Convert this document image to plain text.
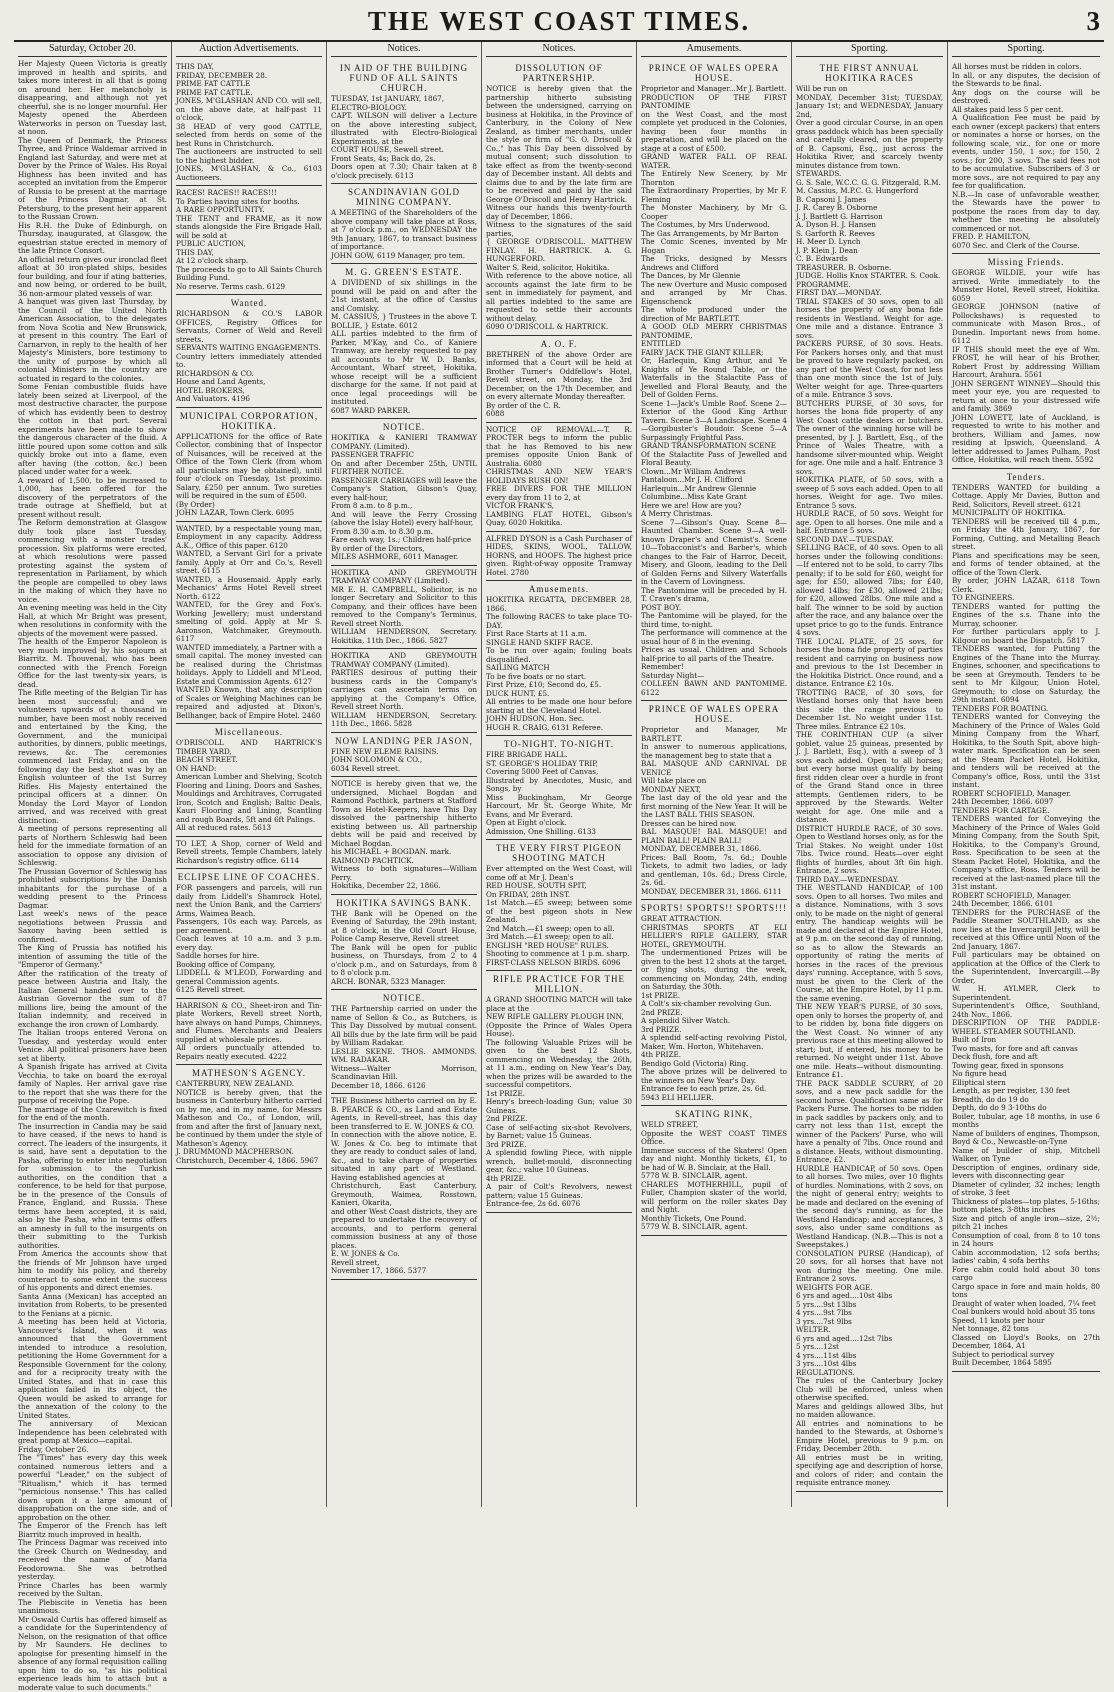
THE WEST COAST TIMES.	3
Saturday, October 20.
Her Majesty Queen Victoria is greatly improved in health and spirits, and takes more interest in all that is going on around her. Her melancholy is disappearing, and although not yet cheerful, she is no longer mournful. Her Majesty opened the Aberdeen Waterworks in person on Tuesday last, at noon.
The Queen of Denmark, the Princess Thyree, and Prince Waldemar arrived in England last Saturday, and were met at Dover by the Prince of Wales. His Royal Highness has been invited and has accepted an invitation from the Emperor of Russia to be present at the marriage of the Princess Dagmar, at St. Petersburg, to the present heir apparent to the Russian Crown.
His R.H. the Duke of Edinburgh, on Thursday, inaugurated, at Glasgow, the equestrian statue erected in memory of the late Prince Consort.
An official return gives our ironclad fleet afloat at 30 iron-plated ships, besides four building, and four if ating batteries, and now being, or ordered to be built, 36 non-armour plated vessels of war.
A banquet was given last Thursday, by the Council of the United North American Association, to the delegates from Nova Scotia and New Brunswick, at present in this country. The Earl of Carnarvon, in reply to the health of her Majesty's Ministers, bore testimony to the unity of purpose by which all colonial Ministers in the country are actuated in regard to the colonies.
Some Fenian combustible fluids have lately been seized at Liverpool, of the most destructive character, the purpose of which has evidently been to destroy the cotton in that port. Several experiments have been made to show the dangerous character of the fluid. A little poured upon some cotton and silk quickly broke out into a flame, even after having (the cotton, &c.) been placed under water for a week.
A reward of 1,500, to be increased to 1,000, has been offered for the discovery of the perpetrators of the trade outrage at Sheffield, but at present without result.
The Reform demonstration at Glasgow duly took place last Tuesday, commencing with a monster trades' procession. Six platforms were erected, at which resolutions were passed protesting against the system of representation in Parliament, by which the people are compelled to obey laws in the making of which they have no voice.
An evening meeting was held in the City Hall, at which Mr Bright was present, when resolutions in conformity with the objects of the movement were passed.
The health of the Emperor Napoleon is very much improved by his sojourn at Biarritz. M. Thouvenal, who has been connected with the French Foreign Office for the last twenty-six years, is dead.
The Rifle meeting of the Belgian Tir has been most successful; and we volunteers upwards of a thousand in number, have been most nobly received and entertained by the King, the Government, and the municipal authorities, by dinners, public meetings, reviews, &c. The ceremonies commenced last Friday, and on the following day the best shot was by an English volunteer of the 1st Surrey Rifles. His Majesty entertained the principal officers at a dinner. On Monday the Lord Mayor of London arrived, and was received with great distinction.
A meeting of persons representing all parts of Northern Schleswig had been held for the immediate formation of an association to oppose any division of Schleswig.
The Prussian Governor of Schleswig has prohibited subscriptions by the Danish inhabitants for the purchase of a wedding present to the Princess Dagmar.
Last week's news of the peace negotiations between Prussia and Saxony having been settled is confirmed.
The King of Prussia has notified his intention of assuming the title of the "Emperor of Germany."
After the ratification of the treaty of peace between Austria and Italy, the Italian General handed over to the Austrian Governor the sum of 87 millions lire, being the amount of the Italian indemnity, and received in exchange the iron crown of Lombardy.
The Italian troops entered Verona on Tuesday, and yesterday would enter Venice. All political prisoners have been set at liberty.
A Spanish frigate has arrived at Civita Vecchia, to take on board the ex-royal family of Naples. Her arrival gave rise to the report that she was there for the purpose of receiving the Pope.
The marriage of the Czarewitch is fixed for the end of the month.
The insurrection in Candia may be said to have ceased, if the news to hand is correct. The leaders of the insurgents, it is said, have sent a deputation to the Pasha, offering to enter into negotiation for submission to the Turkish authorities, on the condition that a conference, to be held for that purpose, be in the presence of the Consuls of France, England, and Russia. These terms have been accepted, it is said, also by the Pasha, who in terms offers an amnesty in full to the insurgents on their submitting to the Turkish authorities.
From America the accounts show that the friends of Mr Johnson have urged him to modify his policy, and thereby counteract to some extent the success of his opponents and direct enemies.
Santa Anna (Mexican) has accepted an invitation from Roberts, to be presented to the Fenians at a picnic.
A meeting has been held at Victoria, Vancouver's Island, when it was announced that the Government intended to introduce a resolution, petitioning the Home Government for a Responsible Government for the colony, and for a reciprocity treaty with the United States, and that in case this application failed in its object, the Queen would be asked to arrange for the annexation of the colony to the United States.
The anniversary of Mexican Independence has been celebrated with great pomp at Mexico—capital.
Friday, October 26.
The "Times" has every day this week contained numerous letters and a powerful "Leader," on the subject of "Ritualism," which it has termed "pernicious nonsense." This has called down upon it a large amount of disapprobation on the one side, and of approbation on the other.
The Emperor of the French has left Biarritz much improved in health.
The Princess Dagmar was received into the Greek Church on Wednesday, and received the name of Maria Feodorowna. She was betrothed yesterday.
Prince Charles has been warmly received by the Sultan.
The Plebiscite in Venetia has been unanimous.
Mr Oswald Curtis has offered himself as a candidate for the Superintendency of Nelson, on the resignation of that office by Mr Saunders. He declines to apologise for presenting himself in the absence of any formal requisition calling upon him to do so, "as his political experience leads him to attach but a moderate value to such documents."
Auction Advertisements.
THIS DAY,
FRIDAY, DECEMBER 28.
PRIME FAT CATTLE
PRIME FAT CATTLE.
JONES, M'GLASHAN AND CO. will sell, on the above date, at half-past 11 o'clock,
38 HEAD of very good CATTLE, selected from herds on some of the best Runs in Christchurch.
The auctioneers are instructed to sell to the highest bidder.
JONES, M'GLASHAN, & Co., 6103 Auctioneers.
RACES! RACES!! RACES!!!
To Parties having sites for booths.
A RARE OPPORTUNITY.
THE TENT and FRAME, as it now stands alongside the Fire Brigade Hall, will be sold at
PUBLIC AUCTION,
THIS DAY,
At 12 o'clock sharp.
The proceeds to go to All Saints Church Building Fund.
No reserve. Terms cash. 6129
Wanted.
RICHARDSON & CO.'S LABOR OFFICES, Registry Offices for Servants, Corner of Weld and Revell streets.
SERVANTS WAITING ENGAGEMENTS.
Country letters immediately attended to.
RICHARDSON & CO.
House and Land Agents,
HOTEL BROKERS,
And Valuators. 4196
MUNICIPAL CORPORATION, HOKITIKA.
APPLICATIONS for the office of Rate Collector, combining that of Inspector of Nuisances, will be received at the Office of the Town Clerk (from whom all particulars may be obtained), until four o'clock on Tuesday, 1st proximo. Salary, £250 per annum. Two sureties will be required in the sum of £500.
(By Order)
JOHN LAZAR, Town Clerk. 6095
WANTED, by a respectable young man, Employment in any capacity. Address A.K., Office of this paper. 6120
WANTED, a Servant Girl for a private family. Apply at Orr and Co.'s, Revell street. 6115
WANTED, a Housemaid. Apply early. Mechanics' Arms Hotel Revell street North. 6122
WANTED, for the Grey and Fox's. Working Jewellery; must understand smelting of gold. Apply at Mr S. Aaronson, Watchmaker, Greymouth. 6117
WANTED immediately, a Partner with a small capital. The money invested can be realised during the Christmas holidays. Apply to Liddell and M'Leod, Estate and Commission Agents. 6127
WANTED Known, that any description of Scales or Weighing Machines can be repaired and adjusted at Dixon's, Bellhanger, back of Empire Hotel. 2460
Miscellaneous.
O'DRISCOLL AND HARTRICK'S TIMBER YARD,
BEACH STREET.
ON HAND:
American Lumber and Shelving, Scotch Flooring and Lining, Doors and Sashes, Mouldings and Architraves, Corrugated Iron, Scotch and English; Baltic Deals, Kauri Flooring and Lining, Scantling and rough Boards, 5ft and 6ft Palings.
All at reduced rates. 5613
TO LET, A Shop, corner of Weld and Revell streets, Temple Chambers, lately Richardson's registry office. 6114
ECLIPSE LINE OF COACHES.
FOR passengers and parcels, will run daily from Liddell's Shamrock Hotel, next the Union Bank, and the Carriers' Arms, Waimea Beach.
Passengers, 10s each way. Parcels, as per agreement.
Coach leaves at 10 a.m. and 3 p.m. every day.
Saddle horses for hire.
Booking office of Company,
LIDDELL & M'LEOD, Forwarding and general Commission agents.
6125 Revell street.
HARRISON & CO., Sheet-iron and Tin-plate Workers, Revell street North, have always on hand Pumps, Chimneys, and Flumes. Merchants and Dealers supplied at wholesale prices.
All orders punctually attended to. Repairs neatly executed. 4222
MATHESON'S AGENCY.
CANTERBURY, NEW ZEALAND.
NOTICE is hereby given, that the business in Canterbury hitherto carried on by me, and in my name, for Messrs Matheson and Co., of London, will, from and after the first of January next, be continued by them under the style of Matheson's Agency.
J. DRUMMOND MACPHERSON.
Christchurch, December 4, 1866. 5967
Notices.
IN AID OF THE BUILDING FUND OF ALL SAINTS CHURCH.
TUESDAY, 1st JANUARY, 1867,
ELECTRO-BIOLOGY.
CAPT. WILSON will deliver a Lecture on the above interesting subject, illustrated with Electro-Biological Experiments, at the
COURT HOUSE, Sewell street.
Front Seats, 4s; Back do, 2s.
Doors open at 7.30; Chair taken at 8 o'clock precisely. 6113
SCANDINAVIAN GOLD MINING COMPANY.
A MEETING of the Shareholders of the above company will take place at Ross, at 7 o'clock p.m., on WEDNESDAY the 9th January, 1867, to transact business of importance.
JOHN GOW, 6119 Manager, pro tem.
M. G. GREEN'S ESTATE.
A DIVIDEND of six shillings in the pound will be paid on and after the 21st instant, at the office of Cassius and Comisky.
M. CASSIUS, } Trustees in the above T. BOLLIE, } Estate. 6012
ALL parties indebted to the firm of Parker, M'Kay, and Co., of Kaniere Tramway, are hereby requested to pay all accounts to Mr W. D. Banks, Accountant, Wharf street, Hokitika, whose receipt will be a sufficient discharge for the same. If not paid at once legal proceedings will be instituted.
6087 WARD PARKER.
NOTICE.
HOKITIKA & KANIERI TRAMWAY COMPANY. (Limited).
PASSENGER TRAFFIC
On and after December 25th, UNTIL FURTHER NOTICE.
PASSENGER CARRIAGES will leave the Company's Station, Gibson's Quay, every half-hour,
From 8 a.m. to 8 p.m.,
And will leave the Ferry Crossing (above the Islay Hotel) every half-hour,
From 8.30 a.m. to 8.30 p.m.
Fare each way, 1s.; Children half-price
By order of the Directors,
MILES ASHMORE, 6011 Manager.
HOKITIKA AND GREYMOUTH TRAMWAY COMPANY (Limited).
MR E. H. CAMPBELL, Solicitor, is no longer Secretary and Solicitor to this Company, and their offices have been removed to the Company's Terminus, Revell street North.
WILLIAM HENDERSON, Secretary. Hokitika, 11th Dec., 1866. 5827
HOKITIKA AND GREYMOUTH TRAMWAY COMPANY (Limited).
PARTIES desirous of putting their business cards in the Company's carriages can ascertain terms on applying at the Company's Office, Revell street North.
WILLIAM HENDERSON, Secretary. 11th Dec., 1866. 5828
NOW LANDING PER JASON,
FINE NEW ELEME RAISINS.
JOHN SOLOMON & CO.,
6034 Revell street.
NOTICE is hereby given that we, the undersigned, Michael Bogdan and Raimond Pacthick, partners at Stafford Town as Hotel-Keepers, have This Day dissolved the partnership hitherto existing between us. All partnership debts will be paid and received by Michael Bogdan.
his MICHAEL + BOGDAN. mark.
RAIMOND PACHTICK.
Witness to both signatures—William Perry.
Hokitika, December 22, 1866.
HOKITIKA SAVINGS BANK.
THE Bank will be Opened on the Evening of Saturday, the 29th instant, at 8 o'clock, in the Old Court House, Police Camp Reserve, Revell street
The Bank will be open for public business, on Thursdays, from 2 to 4 o'clock p.m., and on Saturdays, from 8 to 8 o'clock p.m.
ARCH. BONAR, 5323 Manager.
NOTICE.
THE Partnership carried on under the name of Sellon & Co., as Butchers, is This Day Dissolved by mutual consent. All bills due by the late firm will be paid by William Radakar.
LESLIE SKENE. THOS. AMMONDS. WM. RADAKAR.
Witness—Walter Morrison, Scandinavian Hill.
December 18, 1866. 6126
THE Business hitherto carried on by E. B. PEARCE & CO., as Land and Estate Agents, in Revell-street, has this day been transferred to E. W. JONES & CO.
In connection with the above notice, E. W. Jones & Co. beg to intimate that they are ready to conduct sales of land, &c., and to take charge of properties situated in any part of Westland. Having established agencies at
Christchurch, East Canterbury, Greymouth, Waimea, Rosstown, Kanieri, Okarita,
and other West Coast districts, they are prepared to undertake the recovery of accounts, and to perform general commission business at any of those places.
E. W. JONES & Co.
Revell street,
November 17, 1866. 5377
Notices.
DISSOLUTION OF PARTNERSHIP.
NOTICE is hereby given that the partnership hitherto subsisting between the undersigned, carrying on business at Hokitika, in the Province of Canterbury, in the Colony of New Zealand, as timber merchants, under the style or firm of "G. O. Driscoll & Co.," has This Day been dissolved by mutual consent; such dissolution to take effect as from the twenty-second day of December instant. All debts and claims due to and by the late firm are to be received and paid by the said George O'Driscoll and Henry Hartrick.
Witness our hands this twenty-fourth day of December, 1866.
Witness to the signatures of the said parties,
{ GEORGE O'DRISCOLL. MATTHEW FINLAY. H. HARTRICK. A. G. HUNGERFORD.
Walter S. Reid, solicitor, Hokitika.
With reference to the above notice, all accounts against the late firm to be sent in immediately for payment, and all parties indebted to the same are requested to settle their accounts without delay.
6090 O'DRISCOLL & HARTRICK.
A. O. F.
BRETHREN of the above Order are informed that a Court will be held at Brother Turner's Oddfellow's Hotel, Revell street, on Monday, the 3rd December, on the 17th December, and on every alternate Monday thereafter.
By order of the C. R.
6088
NOTICE OF REMOVAL.—T. R. PROCTER begs to inform the public that he has Removed to his new premises opposite Union Bank of Australia. 6080
CHRISTMAS AND NEW YEAR'S HOLIDAYS RUSH ON!
FREE DIVERS FOR THE MILLION every day from 11 to 2, at
VICTOR FRANK'S,
LAMBING FLAT HOTEL, Gibson's Quay, 6020 Hokitika.
ALFRED DYSON is a Cash Purchaser of HIDES, SKINS, WOOL, TALLOW, HORNS, and HOOFS. The highest price given. Right-of-way opposite Tramway Hotel. 2780
Amusements.
HOKITIKA REGATTA, DECEMBER 28, 1866.
The following RACES to take place TO-DAY.
First Race Starts at 11 a.m.
SINGLE HAND SKIFF RACE.
To be run over again; fouling boats disqualified.
SAILING MATCH
To be five boats or no start.
First Prize, £10; Second do, £5.
DUCK HUNT, £5.
All entries to be made one hour before starting at the Cleveland Hotel.
JOHN HUDSON, Hon. Sec.
HUGH R. CRAIG, 6131 Referee.
TO-NIGHT. TO-NIGHT.
FIRE BRIGADE HALL.
ST. GEORGE'S HOLIDAY TRIP,
Covering 5000 Feet of Canvas,
Illustrated by Anecdotes, Music, and Songs, by
Miss Buckingham, Mr George Harcourt, Mr St. George White, Mr Evans, and Mr Everard.
Open at Eight o'clock.
Admission, One Shilling. 6133
THE VERY FIRST PIGEON SHOOTING MATCH
Ever attempted on the West Coast, will come off at Mr J. Dean's
RED HOUSE, SOUTH SPIT,
On FRIDAY, 28th INST.
1st Match.—£5 sweep; between some of the best pigeon shots in New Zealand.
2nd Match.—£1 sweep; open to all.
3rd Match.—£1 sweep; open to all.
ENGLISH "RED HOUSE" RULES.
Shooting to commence at 1 p.m. sharp.
FIRST-CLASS NELSON BIRDS. 6096
RIFLE PRACTICE FOR THE MILLION.
A GRAND SHOOTING MATCH will take place at the
NEW RIFLE GALLERY PLOUGH INN,
(Opposite the Prince of Wales Opera House).
The following Valuable Prizes will be given to the best 12 Shots, commencing on Wednesday, the 26th, at 11 a.m., ending on New Year's Day, when the prizes will be awarded to the successful competitors.
1st PRIZE.
Henry's breech-loading Gun; value 30 Guineas.
2nd PRIZE.
Case of self-acting six-shot Revolvers, by Barnet; value 15 Guineas.
3rd PRIZE.
A splendid fowling Piece, with nipple wrench, bullet-mould, disconnecting gear, &c.; value 10 Guineas.
4th PRIZE.
A pair of Colt's Revolvers, newest pattern; value 15 Guineas.
Entrance-fee, 2s 6d. 6076
Amusements.
PRINCE OF WALES OPERA HOUSE.
Proprietor and Manager...Mr J. Bartlett.
PRODUCTION OF THE FIRST PANTOMIME
on the West Coast, and the most complete yet produced in the Colonies, having been four months in preparation, and will be placed on the stage at a cost of £500.
GRAND WATER FALL OF REAL WATER.
The Entirely New Scenery, by Mr Thornton
The Extraordinary Properties, by Mr F. Fleming
The Monster Machinery, by Mr G. Cooper
The Costumes, by Mrs Underwood.
The Gas Arrangements, by Mr Barton
The Comic Scenes, invented by Mr Hogan
The Tricks, designed by Messrs Andrews and Clifford
The Dances, by Mr Glennie
The new Overture and Music composed and arranged by Mr Chas. Eigenschenck
The whole produced under the direction of Mr BARTLETT.
A GOOD OLD MERRY CHRISTMAS PANTOMIME,
ENTITLED
FAIRY JACK THE GIANT KILLER;
Or, Harlequin, King Arthur, and Ye Knights of Ye Round Table, or the Waterfalls in the Stalactite Pass of Jewelled and Floral Beauty, and the Dell of Golden Ferns.
Scene 1—Jack's Umble Roof. Scene 2—Exterior of the Good King Arthur Tavern. Scene 3—A Landscape. Scene 4—Gorgibuster's Boudoir. Scene 5—A Surpassingly Frightful Pass.
GRAND TRANSFORMATION SCENE
Of the Stalactite Pass of Jewelled and Floral Beauty.
Clown...Mr William Andrews
Pantaloon...Mr J. H. Clifford
Harlequin...Mr Andrew Glennie
Columbine...Miss Kate Grant
Here we are! How are you?
A Merry Christmas.
Scene 7—Gibson's Quay. Scene 8—Haunted Chamber. Scene 9—A well-known Draper's and Chemist's. Scene 10—Tobacconist's and Barber's, which changes to the Fair of Harror, Deceit, Misery, and Gloom, leading to the Dell of Golden Ferns and Silvery Waterfalls in the Cavern of Lovingness.
The Pantomime will be preceded by H. T. Craven's drama,
POST BOY.
The Pantomime will be played, for the third time, to-night.
The performance will commence at the usual hour of 8 in the evening.
Prices as usual. Children and Schools half-price to all parts of the Theatre.
Remember!
Saturday Night—
COLLEEN BAWN AND PANTOMIME. 6122
PRINCE OF WALES OPERA HOUSE.
Proprietor and Manager, Mr BARTLETT.
In answer to numerous applications, the management beg to state that a
BAL MASQUE AND CARNIVAL DE VENICE
Will take place on
MONDAY NEXT,
The last day of the old year and the first morning of the New Year. It will be the LAST BALL THIS SEASON.
Dresses can be hired now.
BAL MASQUE! BAL MASQUE! and PLAIN BALL! PLAIN BALL!
MONDAY, DECEMBER 31, 1866.
Prices: Ball Room, 7s. 6d.; Double Tickets, to admit two ladies, or lady and gentleman, 10s. 6d.; Dress Circle, 2s. 6d.
MONDAY, DECEMBER 31, 1866. 6111
SPORTS! SPORTS!! SPORTS!!!
GREAT ATTRACTION.
CHRISTMAS SPORTS AT ELI HELLIER'S RIFLE GALLERY, STAR HOTEL, GREYMOUTH.
The undermentioned Prizes will be given to the best 12 shots at the target, or flying shots, during the week, commencing on Monday, 24th, ending on Saturday, the 30th.
1st PRIZE.
A Colt's six-chamber revolving Gun.
2nd PRIZE.
A splendid Silver Watch.
3rd PRIZE.
A splendid self-acting revolving Pistol, Maker, Wm. Horton, Whitehaven.
4th PRIZE.
Bendigo Gold (Victoria) Ring.
The above prizes will be delivered to the winners on New Year's Day.
Entrance fee to each prize, 2s. 6d.
5943 ELI HELLIER.
SKATING RINK,
WELD STREET,
Opposite the WEST COAST TIMES Office.
Immense success of the Skaters! Open day and night. Monthly tickets, £1, to be had of W. B. Sinclair, at the Hall.
5778 W. B. SINCLAIR, agent.
CHARLES MOTHERHILL, pupil of Fuller, Champion skater of the world, will perform on the roller skates Day and Night.
Monthly Tickets, One Pound.
5779 W. B. SINCLAIR, agent.
Sporting.
THE FIRST ANNUAL HOKITIKA RACES
Will be run on
MONDAY, December 31st; TUESDAY, January 1st; and WEDNESDAY, January 2nd,
Over a good circular Course, in an open grass paddock which has been specially and carefully cleared, on the property of B. Capsoni, Esq., just across the Hokitika River, and scarcely twenty minutes distance from town.
STEWARDS.
G. S. Sale, W.C.C. G. G. Fitzgerald, R.M.
M. Cassius, M.P.C. G. Hungerford
B. Capsoni J. James
J. R. Carey B. Osborne
J. J. Bartlett G. Harrison
A. Dyson H. J. Hansen
S. Garforth R. Reeves
H. Meer D. Lynch
J. P. Klein J. Dean
C. B. Edwards
TREASURER. B. Osborne.
JUDGE. Hollis Knox STARTER. S. Cook.
PROGRAMME.
FIRST DAY.—MONDAY.
TRIAL STAKES of 30 sovs, open to all horses the property of any bona fide residents in Westland. Weight for age. One mile and a distance. Entrance 3 sovs.
PACKERS PURSE, of 30 sovs. Heats. For Packers horses only, and that must be proved to have regularly packed, on any part of the West Coast, for not less than one month since the 1st of July. Welter weight for age. Three-quarters of a mile. Entrance 3 sovs.
BUTCHERS PURSE, of 30 sovs, for horses the bona fide property of any West Coast cattle dealers or butchers. The owner of the winning horse will be presented, by J. J. Bartlett, Esq., of the Prince of Wales Theatre, with a handsome silver-mounted whip. Weight for age. One mile and a half. Entrance 3 sovs.
HOKITIKA PLATE, of 50 sovs, with a sweep of 5 sovs each added. Open to all horses. Weight for age. Two miles. Entrance 5 sovs.
HURDLE RACE, of 50 sovs. Weight for age. Open to all horses. One mile and a half. Entrance 5 sovs.
SECOND DAY.—TUESDAY.
SELLING RACE, of 40 sovs. Open to all horses under the following conditions:—If entered not to be sold, to carry 7lbs penalty; if to be sold for £60, weight for age; for £50, allowed 7lbs; for £40, allowed 14lbs; for £30, allowed 21lbs; for £20, allowed 28lbs. One mile and a half. The winner to be sold by auction after the race, and any balance over the upset price to go to the funds. Entrance 4 sovs.
THE LOCAL PLATE, of 25 sovs, for horses the bona fide property of parties resident and carrying on business now and previous to the 1st December in the Hokitika District. Once round, and a distance. Entrance £2 10s.
TROTTING RACE, of 30 sovs, for Westland horses only that have been this side the range previous to December 1st. No weight under 11st. Three miles. Entrance £2 10s.
THE CORINTHIAN CUP (a silver goblet, value 25 guineas, presented by J. J. Bartlett, Esq.), with a sweep of 3 sovs each added. Open to all horses; but every horse must qualify by being first ridden clear over a hurdle in front of the Grand Stand once in three attempts. Gentlemen riders, to be approved by the Stewards. Welter weight for age. One mile and a distance.
DISTRICT HURDLE RACE, of 30 sovs. Open to Westland horses only, as for the Trial Stakes. No weight under 10st 7lbs. Twice round. Heats—over eight flights of hurdles, about 3ft 6in high. Entrance, 2 sovs.
THIRD DAY.—WEDNESDAY.
THE WESTLAND HANDICAP, of 100 sovs. Open to all horses. Two miles and a distance. Nominations, with 3 sovs only, to be made on the night of general entry. The handicap weights will be made and declared at the Empire Hotel, at 9 p.m. on the second day of running, so as to allow the Stewards an opportunity of rating the merits of horses in the races of the previous days' running. Acceptance, with 5 sovs, must be given to the Clerk of the Course, at the Empire Hotel, by 11 p.m. the same evening.
THE NEW YEAR'S PURSE, of 30 sovs, open only to horses the property of, and to be ridden by, bona fide diggers on the West Coast. No winner of any previous race at this meeting allowed to start; but, if entered, his money to be returned. No weight under 11st. Above one mile. Heats—without dismounting. Entrance £1.
THE PACK SADDLE SCURRY, of 20 sovs, and a new pack saddle for the second horse. Qualification same as for Packers Purse. The horses to be ridden in pack saddles by packers only, and to carry not less than 11st, except the winner of the Packers' Purse, who will have a penalty of 7lbs. Once round and a distance. Heats, without dismounting. Entrance, £2.
HURDLE HANDICAP, of 50 sovs. Open to all horses. Two miles, over 10 flights of hurdles. Nominations, with 2 sovs, on the night of general entry; weights to be made and declared on the evening of the second day's running, as for the Westland Handicap; and acceptances, 3 sovs, also under same conditions as Westland Handicap. (N.B.—This is not a Sweepstakes.)
CONSOLATION PURSE (Handicap), of 20 sovs, for all horses that have not won during the meeting. One mile. Entrance 2 sovs.
WEIGHTS FOR AGE.
6 yrs and aged....10st 4lbs
5 yrs....9st 13lbs
4 yrs....9st 7lbs
3 yrs....7st 9lbs
WELTER.
6 yrs and aged....12st 7lbs
5 yrs....12st
4 yrs....11st 4lbs
3 yrs....10st 4lbs
REGULATIONS.
The rules of the Canterbury Jockey Club will be enforced, unless when otherwise specified.
Mares and geldings allowed 3lbs, but no maiden allowance.
All entries and nominations to be handed to the Stewards, at Osborne's Empire Hotel, previous to 9 p.m. on Friday, December 28th.
All entries must be in writing, specifying age and description of horse, and colors of rider; and contain the requisite entrance money.
Sporting.
All horses must be ridden in colors.
In all, or any disputes, the decision of the Stewards to be final.
Any dogs on the course will be destroyed.
All stakes paid less 5 per cent.
A Qualification Fee must be paid by each owner (except packers) that enters or nominates a horse or horses, on the following scale, viz., for one or more events, under 150, 1 sov.; for 150, 2 sovs.; for 200, 3 sovs. The said fees not to be accumulative. Subscribers of 3 or more sovs., are not required to pay any fee for qualification.
N.B.—In case of unfavorable weather, the Stewards have the power to postpone the races from day to day, whether the meeting be absolutely commenced or not.
FRED. P. HAMILTON,
6070 Sec. and Clerk of the Course.
Missing Friends.
GEORGE WILDIE, your wife has arrived. Write immediately to the Munster Hotel, Revell street, Hokitika. 6059
GEORGE JOHNSON (native of Pollockshaws) is requested to communicate with Mason Bros., of Dunedin. Important news from home. 6112
IF THIS should meet the eye of Wm. FROST, he will hear of his Brother, Robert Frost by addressing William Harcourt, Arahura. 5561
JOHN SERGENT WINNEY—Should this meet your eye, you are requested to return at once to your distressed wife and family. 3869
JOHN LOWETT, late of Auckland, is requested to write to his mother and brothers, William and James, now residing at Ipswich, Queensland. A letter addressed to James Pulham, Post Office, Hokitika, will reach them. 5592
Tenders.
TENDERS WANTED for building a Cottage. Apply Mr Davies, Button and Reid, Solicitors, Revell street. 6121
MUNICIPALITY OF HOKITIKA.
TENDERS will be received till 4 p.m., on Friday the 4th January, 1867, for Forming, Cutting, and Metalling Beach street.
Plans and specifications may be seen, and forms of tender obtained, at the office of the Town Clerk.
By order, JOHN LAZAR, 6118 Town Clerk.
TO ENGINEERS.
TENDERS wanted for putting the Engines of the s.s. Thane into the Murray, schooner.
For further particulars apply to J. Kilgour on board the Dispatch. 5817
TENDERS wanted, for Putting the Engines of the Thane into the Murray. Engines, schooner, and specifications to be seen at Greymouth. Tenders to be sent to Mr Kilgour, Union Hotel, Greymouth; to close on Saturday, the 29th instant. 6094
TENDERS FOR BOATING.
TENDERS wanted for Conveying the Machinery of the Prince of Wales Gold Mining Company from the Wharf, Hokitika, to the South Spit, above high-water mark. Specification can be seen at the Steam Packet Hotel, Hokitika, and tenders will be received at the Company's office, Ross, until the 31st instant.
ROBERT SCHOFIELD, Manager.
24th December, 1866. 6097
TENDERS FOR CARTAGE.
TENDERS wanted for Conveying the Machinery of the Prince of Wales Gold Mining Company, from the South Spit, Hokitika, to the Company's Ground, Ross. Specification to be seen at the Steam Packet Hotel, Hokitika, and the Company's office, Ross. Tenders will be received at the last-named place till the 31st instant.
ROBERT SCHOFIELD, Manager.
24th December, 1866. 6101
TENDERS for the PURCHASE of the Paddle Steamer SOUTHLAND, as she now lies at the Invercargill Jetty, will be received at this Office until Noon of the 2nd January, 1867.
Full particulars may be obtained on application at the Office of the Clerk to the Superintendent, Invercargill.—By Order,
W. H. AYLMER, Clerk to Superintendent.
Superintendent's Office, Southland, 24th Nov., 1866.
DESCRIPTION OF THE PADDLE-WHEEL STEAMER SOUTHLAND.
Built of Iron
Two masts, for fore and aft canvas
Deck flush, fore and aft
Towing gear, fixed in sponsons
No figure head
Elliptical stern
Length, as per register, 130 feet
Breadth, do do 19 do
Depth, do do 9 3-10ths do
Boiler, tubular, age 18 months, in use 6 months
Name of builders of engines, Thompson, Boyd & Co., Newcastle-on-Tyne
Name of builder of ship, Mitchell Walker, on Tyne
Description of engines, ordinary side, levers with disconnecting gear
Diameter of cylinder, 32 inches; length of stroke, 3 feet
Thickness of plates—top plates, 5-16ths; bottom plates, 3-8ths inches
Size and pitch of angle iron—size, 2½; pitch 21 inches
Consumption of coal, from 8 to 10 tons in 24 hours
Cabin accommodation, 12 sofa berths; ladies' cabin, 4 sofa berths
Fore cabin could hold about 30 tons cargo
Cargo space in fore and main holds, 80 tons
Draught of water when loaded, 7¼ feet
Coal bunkers would hold about 35 tons
Speed, 11 knots per hour
Net tonnage, 82 tons
Classed on Lloyd's Books, on 27th December, 1864, A1
Subject to periodical survey
Built December, 1864 5895
